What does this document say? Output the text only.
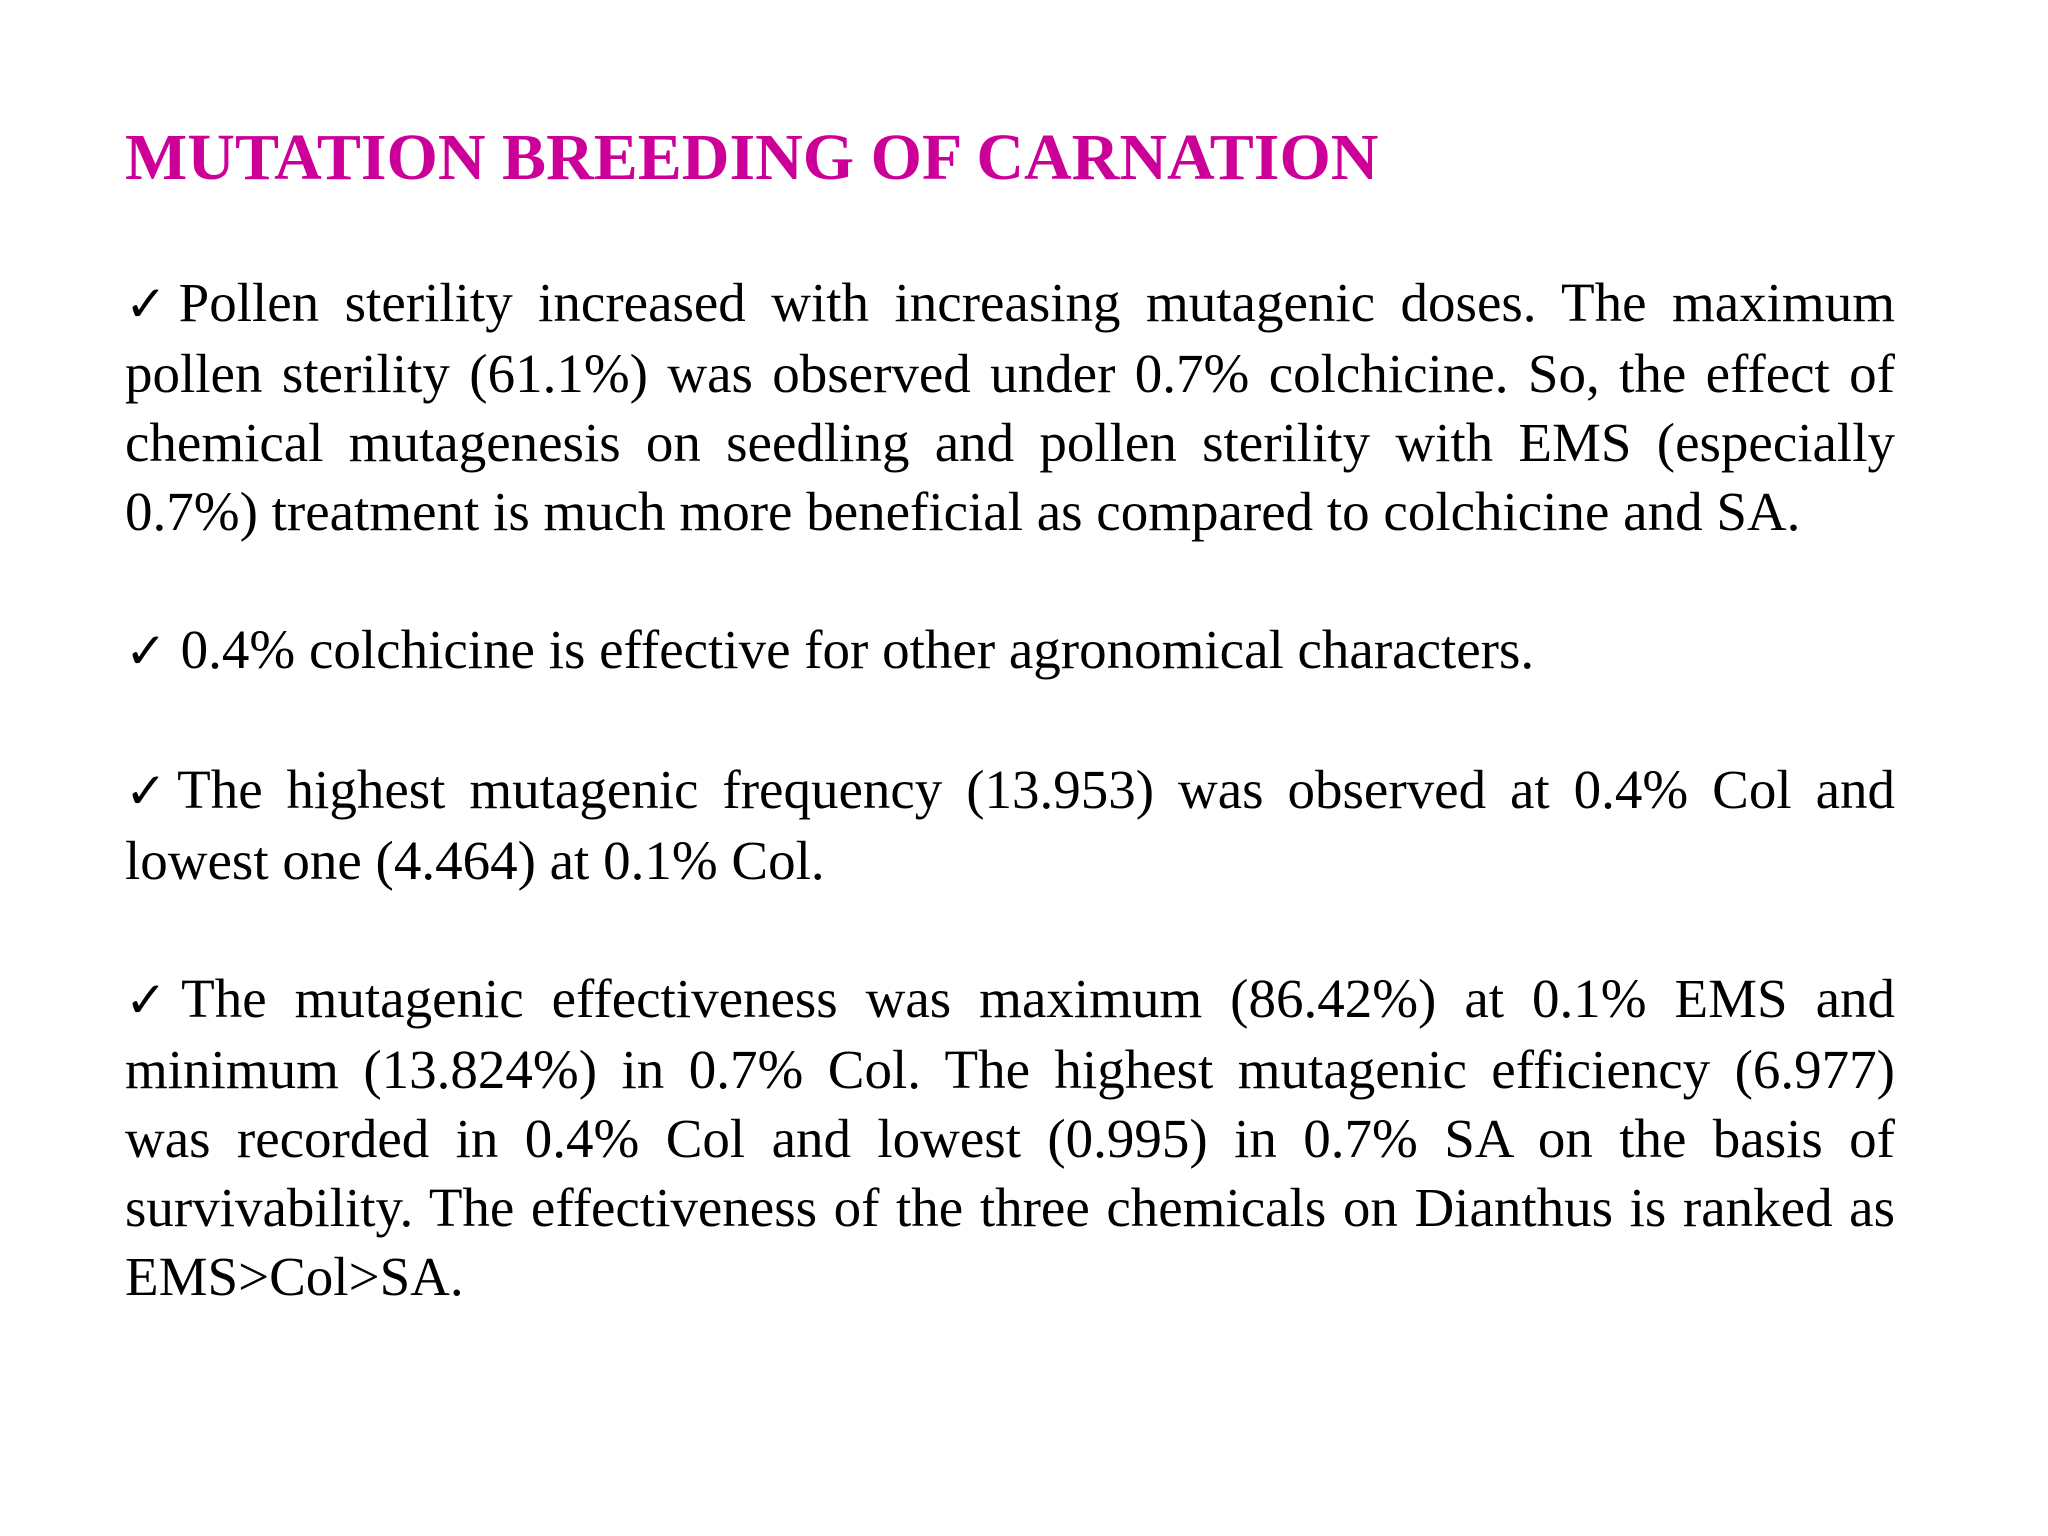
MUTATION BREEDING OF CARNATION

✓Pollen sterility increased with increasing mutagenic doses. The maximum pollen sterility (61.1%) was observed under 0.7% colchicine. So, the effect of chemical mutagenesis on seedling and pollen sterility with EMS (especially 0.7%) treatment is much more beneficial as compared to colchicine and SA.

✓ 0.4% colchicine is effective for other agronomical characters.

✓The highest mutagenic frequency (13.953) was observed at 0.4% Col and lowest one (4.464) at 0.1% Col.

✓The mutagenic effectiveness was maximum (86.42%) at 0.1% EMS and minimum (13.824%) in 0.7% Col. The highest mutagenic efficiency (6.977) was recorded in 0.4% Col and lowest (0.995) in 0.7% SA on the basis of survivability. The effectiveness of the three chemicals on Dianthus is ranked as EMS>Col>SA.
